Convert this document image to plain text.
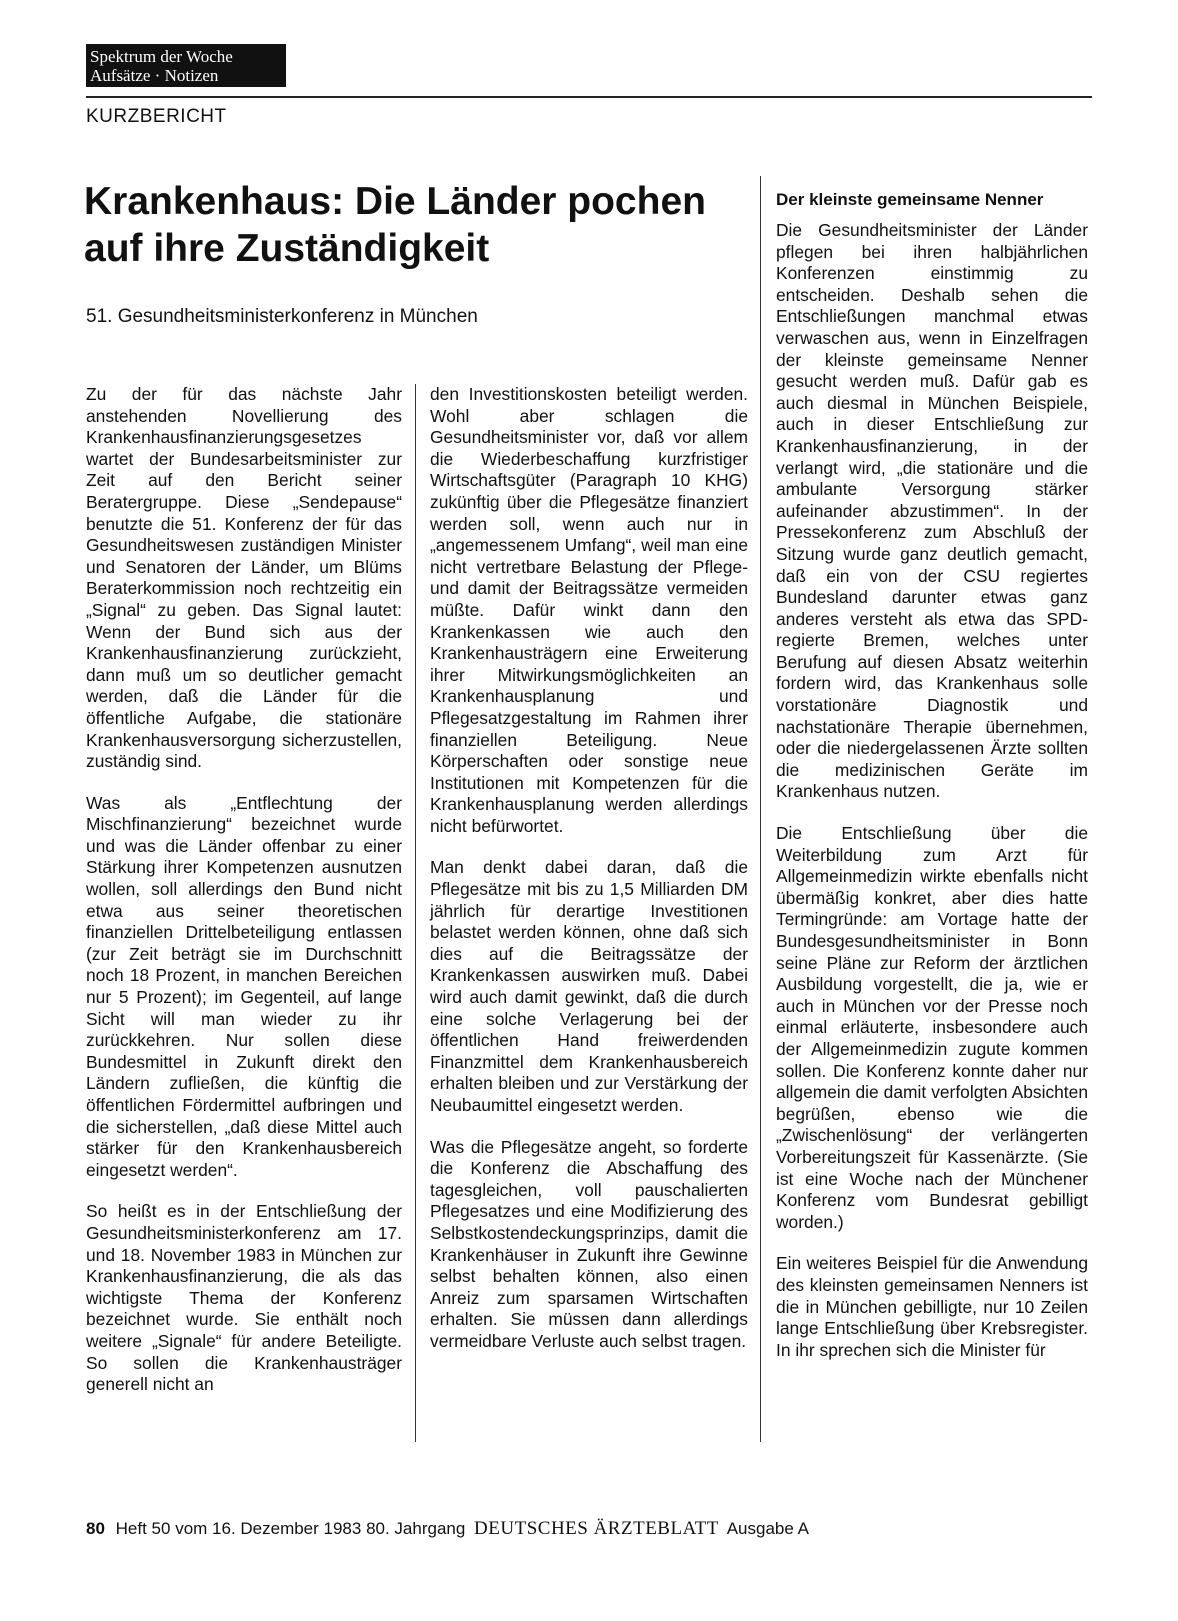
Spektrum der Woche
Aufsätze · Notizen
KURZBERICHT
Krankenhaus: Die Länder pochen auf ihre Zuständigkeit
51. Gesundheitsministerkonferenz in München

Zu der für das nächste Jahr anstehenden Novellierung des Krankenhausfinanzierungsgesetzes wartet der Bundesarbeitsminister zur Zeit auf den Bericht seiner Beratergruppe. Diese „Sendepause“ benutzte die 51. Konferenz der für das Gesundheitswesen zuständigen Minister und Senatoren der Länder, um Blüms Beraterkommission noch rechtzeitig ein „Signal“ zu geben. Das Signal lautet: Wenn der Bund sich aus der Krankenhausfinanzierung zurückzieht, dann muß um so deutlicher gemacht werden, daß die Länder für die öffentliche Aufgabe, die stationäre Krankenhausversorgung sicherzustellen, zuständig sind.

Was als „Entflechtung der Mischfinanzierung“ bezeichnet wurde und was die Länder offenbar zu einer Stärkung ihrer Kompetenzen ausnutzen wollen, soll allerdings den Bund nicht etwa aus seiner theoretischen finanziellen Drittelbeteiligung entlassen (zur Zeit beträgt sie im Durchschnitt noch 18 Prozent, in manchen Bereichen nur 5 Prozent); im Gegenteil, auf lange Sicht will man wieder zu ihr zurückkehren. Nur sollen diese Bundesmittel in Zukunft direkt den Ländern zufließen, die künftig die öffentlichen Fördermittel aufbringen und die sicherstellen, „daß diese Mittel auch stärker für den Krankenhausbereich eingesetzt werden“.

So heißt es in der Entschließung der Gesundheitsministerkonferenz am 17. und 18. November 1983 in München zur Krankenhausfinanzierung, die als das wichtigste Thema der Konferenz bezeichnet wurde. Sie enthält noch weitere „Signale“ für andere Beteiligte. So sollen die Krankenhausträger generell nicht an

den Investitionskosten beteiligt werden. Wohl aber schlagen die Gesundheitsminister vor, daß vor allem die Wiederbeschaffung kurzfristiger Wirtschaftsgüter (Paragraph 10 KHG) zukünftig über die Pflegesätze finanziert werden soll, wenn auch nur in „angemessenem Umfang“, weil man eine nicht vertretbare Belastung der Pflege- und damit der Beitragssätze vermeiden müßte. Dafür winkt dann den Krankenkassen wie auch den Krankenhausträgern eine Erweiterung ihrer Mitwirkungsmöglichkeiten an Krankenhausplanung und Pflegesatzgestaltung im Rahmen ihrer finanziellen Beteiligung. Neue Körperschaften oder sonstige neue Institutionen mit Kompetenzen für die Krankenhausplanung werden allerdings nicht befürwortet.

Man denkt dabei daran, daß die Pflegesätze mit bis zu 1,5 Milliarden DM jährlich für derartige Investitionen belastet werden können, ohne daß sich dies auf die Beitragssätze der Krankenkassen auswirken muß. Dabei wird auch damit gewinkt, daß die durch eine solche Verlagerung bei der öffentlichen Hand freiwerdenden Finanzmittel dem Krankenhausbereich erhalten bleiben und zur Verstärkung der Neubaumittel eingesetzt werden.

Was die Pflegesätze angeht, so forderte die Konferenz die Abschaffung des tagesgleichen, voll pauschalierten Pflegesatzes und eine Modifizierung des Selbstkostendeckungsprinzips, damit die Krankenhäuser in Zukunft ihre Gewinne selbst behalten können, also einen Anreiz zum sparsamen Wirtschaften erhalten. Sie müssen dann allerdings vermeidbare Verluste auch selbst tragen.

Der kleinste gemeinsame Nenner

Die Gesundheitsminister der Länder pflegen bei ihren halbjährlichen Konferenzen einstimmig zu entscheiden. Deshalb sehen die Entschließungen manchmal etwas verwaschen aus, wenn in Einzelfragen der kleinste gemeinsame Nenner gesucht werden muß. Dafür gab es auch diesmal in München Beispiele, auch in dieser Entschließung zur Krankenhausfinanzierung, in der verlangt wird, „die stationäre und die ambulante Versorgung stärker aufeinander abzustimmen“. In der Pressekonferenz zum Abschluß der Sitzung wurde ganz deutlich gemacht, daß ein von der CSU regiertes Bundesland darunter etwas ganz anderes versteht als etwa das SPD-regierte Bremen, welches unter Berufung auf diesen Absatz weiterhin fordern wird, das Krankenhaus solle vorstationäre Diagnostik und nachstationäre Therapie übernehmen, oder die niedergelassenen Ärzte sollten die medizinischen Geräte im Krankenhaus nutzen.

Die Entschließung über die Weiterbildung zum Arzt für Allgemeinmedizin wirkte ebenfalls nicht übermäßig konkret, aber dies hatte Termingründe: am Vortage hatte der Bundesgesundheitsminister in Bonn seine Pläne zur Reform der ärztlichen Ausbildung vorgestellt, die ja, wie er auch in München vor der Presse noch einmal erläuterte, insbesondere auch der Allgemeinmedizin zugute kommen sollen. Die Konferenz konnte daher nur allgemein die damit verfolgten Absichten begrüßen, ebenso wie die „Zwischenlösung“ der verlängerten Vorbereitungszeit für Kassenärzte. (Sie ist eine Woche nach der Münchener Konferenz vom Bundesrat gebilligt worden.)

Ein weiteres Beispiel für die Anwendung des kleinsten gemeinsamen Nenners ist die in München gebilligte, nur 10 Zeilen lange Entschließung über Krebsregister. In ihr sprechen sich die Minister für

80 Heft 50 vom 16. Dezember 1983 80. Jahrgang DEUTSCHES ÄRZTEBLATT Ausgabe A
